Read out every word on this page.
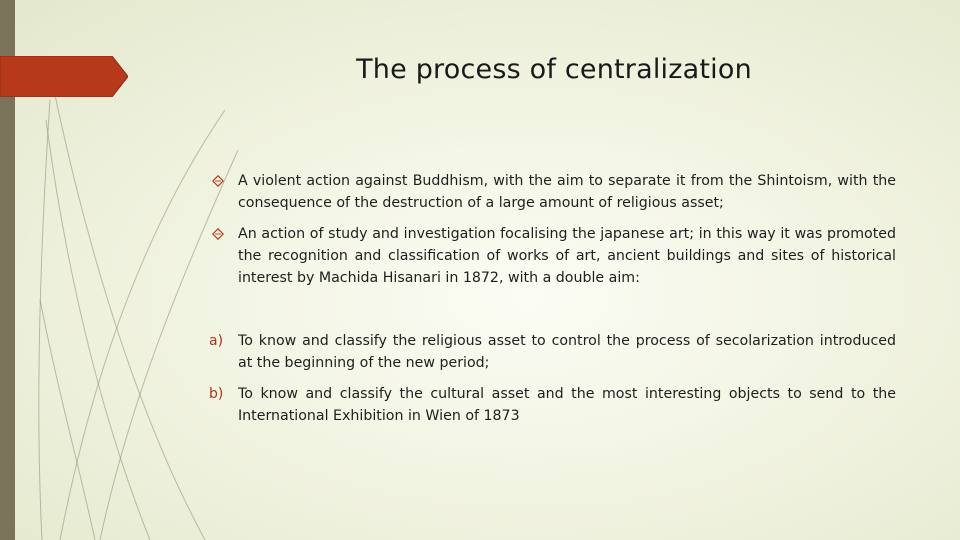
The process of centralization
A violent action against Buddhism, with the aim to separate it from the Shintoism, with the consequence of the destruction of a large amount of religious asset;
An action of study and investigation focalising the japanese art; in this way it was promoted the recognition and classification of works of art, ancient buildings and sites of historical interest by Machida Hisanari in 1872, with a double aim:
a) To know and classify the religious asset to control the process of secolarization introduced at the beginning of the new period;
b) To know and classify the cultural asset and the most interesting objects to send to the International Exhibition in Wien of 1873
